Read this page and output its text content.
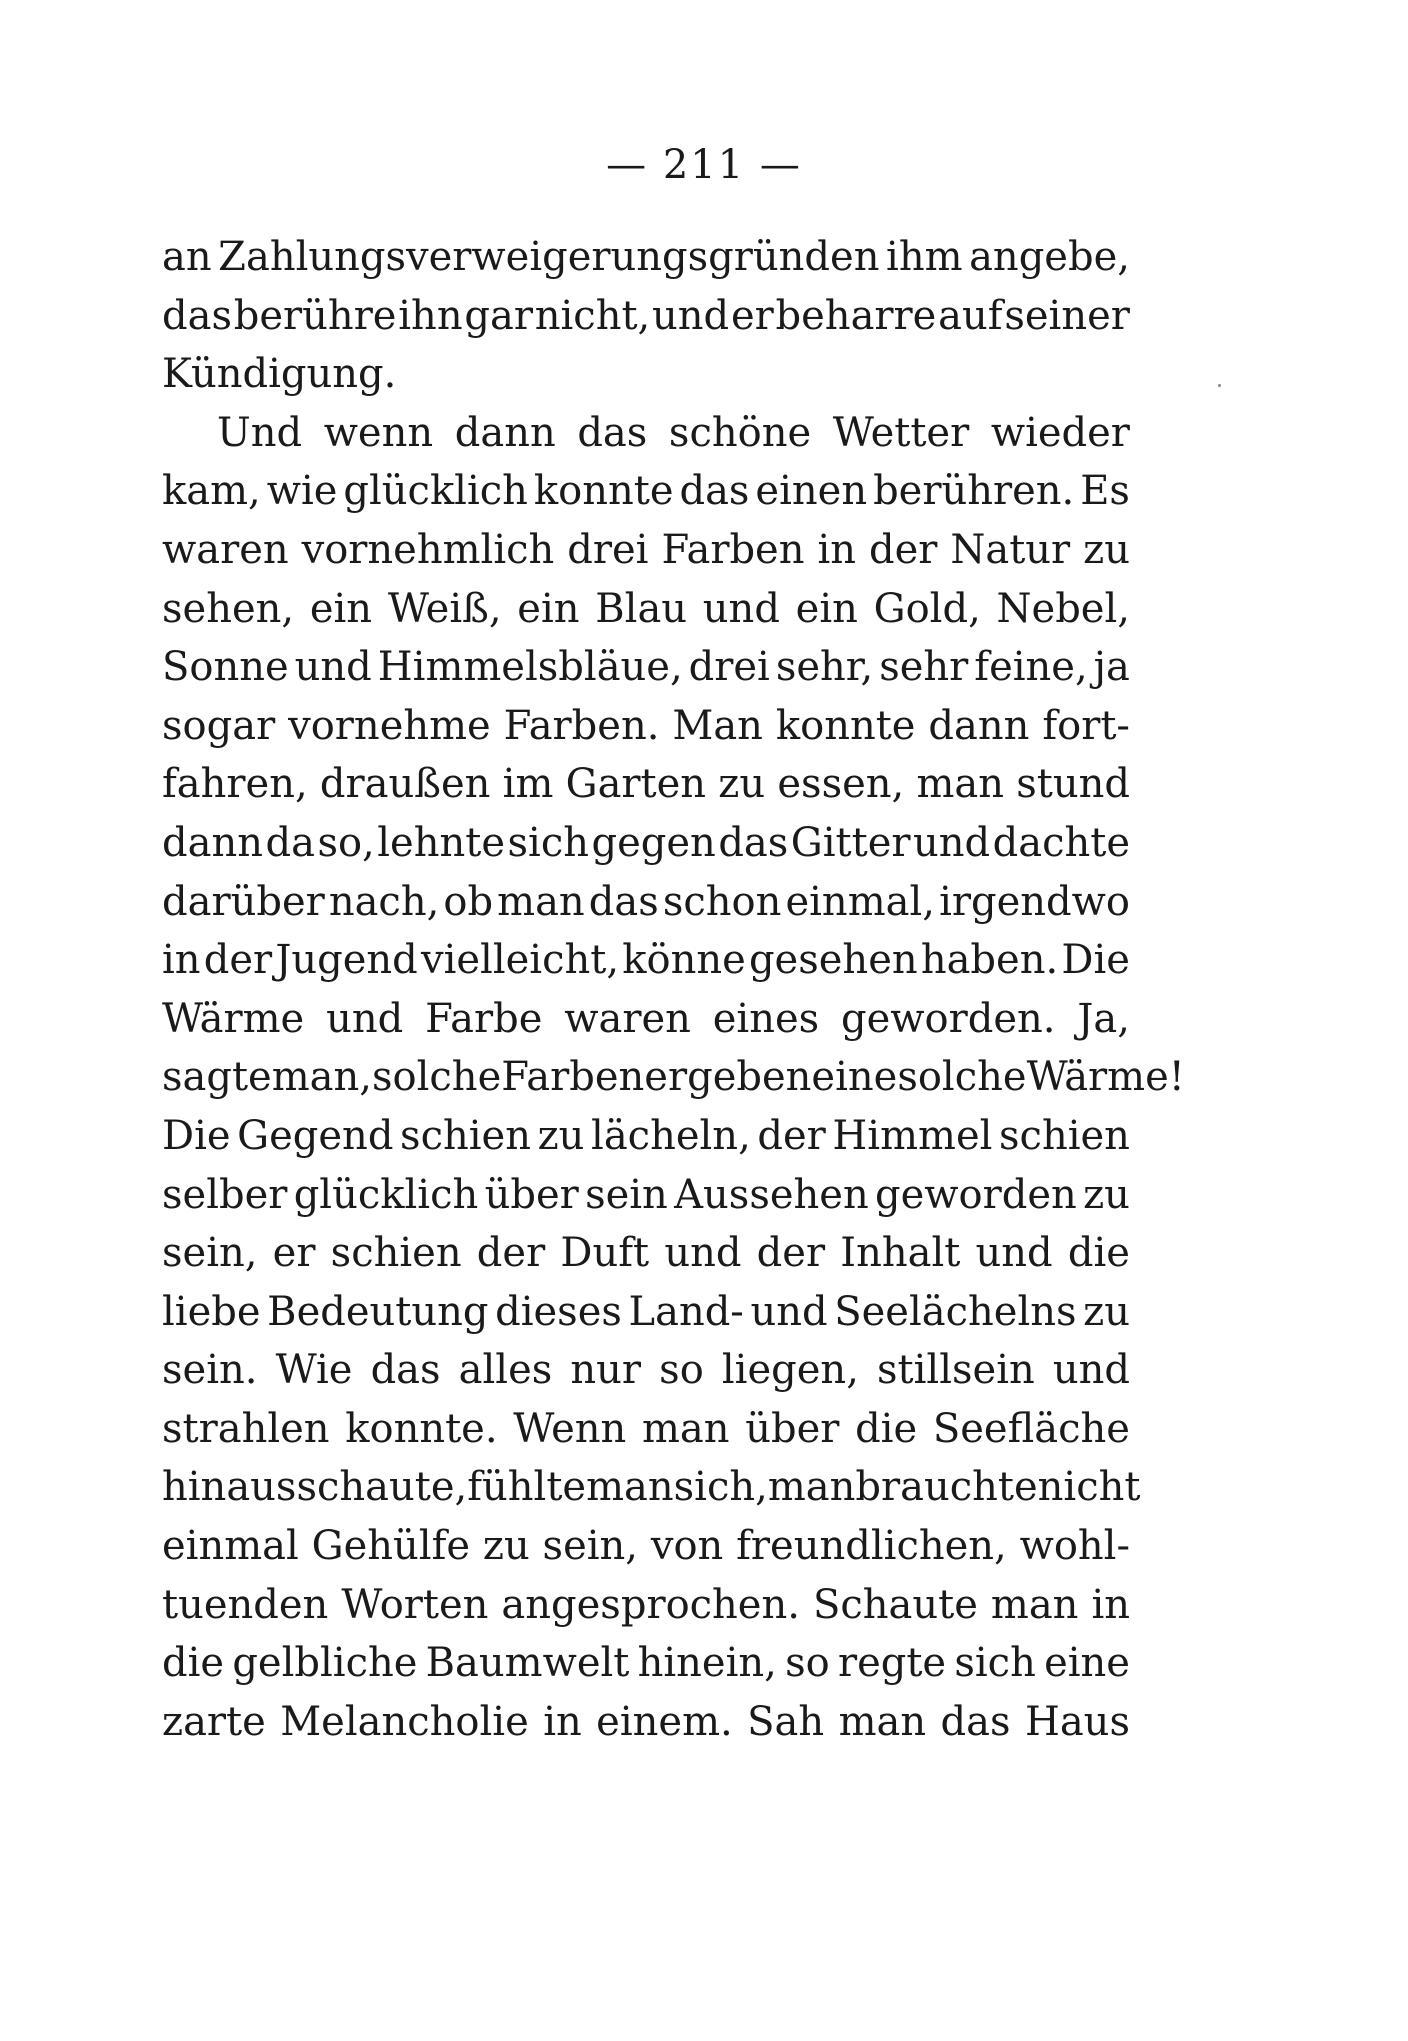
— 211 —
an Zahlungsverweigerungsgründen ihm angebe,
das berühre ihn gar nicht, und er beharre auf seiner
Kündigung.
Und wenn dann das schöne Wetter wieder
kam, wie glücklich konnte das einen berühren. Es
waren vornehmlich drei Farben in der Natur zu
sehen, ein Weiß, ein Blau und ein Gold, Nebel,
Sonne und Himmelsbläue, drei sehr, sehr feine, ja
sogar vornehme Farben. Man konnte dann fort-
fahren, draußen im Garten zu essen, man stund
dann da so, lehnte sich gegen das Gitter und dachte
darüber nach, ob man das schon einmal, irgendwo
in der Jugend vielleicht, könne gesehen haben. Die
Wärme und Farbe waren eines geworden. Ja,
sagte man, solche Farben ergeben eine solche Wärme!
Die Gegend schien zu lächeln, der Himmel schien
selber glücklich über sein Aussehen geworden zu
sein, er schien der Duft und der Inhalt und die
liebe Bedeutung dieses Land- und Seelächelns zu
sein. Wie das alles nur so liegen, stillsein und
strahlen konnte. Wenn man über die Seefläche
hinaus schaute, fühlte man sich, man brauchte nicht
einmal Gehülfe zu sein, von freundlichen, wohl-
tuenden Worten angesprochen. Schaute man in
die gelbliche Baumwelt hinein, so regte sich eine
zarte Melancholie in einem. Sah man das Haus
